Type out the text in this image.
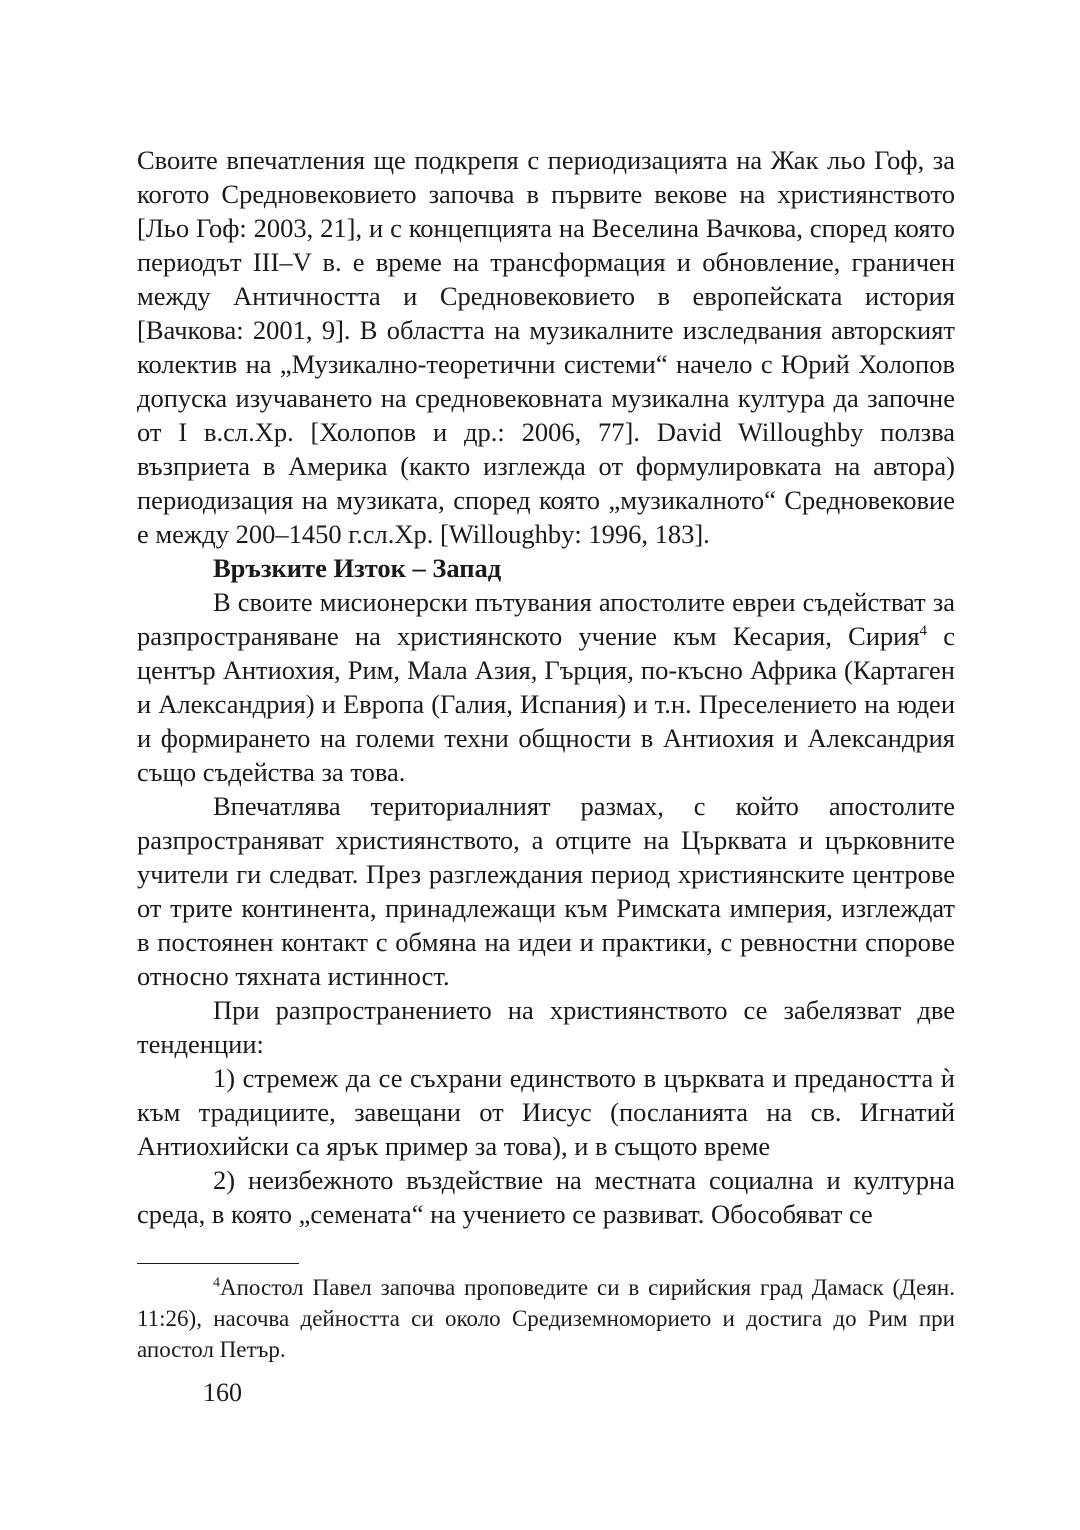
Своите впечатления ще подкрепя с периодизацията на Жак льо Гоф, за когото Средновековието започва в първите векове на християнството [Льо Гоф: 2003, 21], и с концепцията на Веселина Вачкова, според която периодът III–V в. е време на трансформация и обновление, граничен между Античността и Средновековието в европейската история [Вачкова: 2001, 9]. В областта на музикалните изследвания авторският колектив на „Музикално-теоретични системи“ начело с Юрий Холопов допуска изучаването на средновековната музикална култура да започне от I в.сл.Хр. [Холопов и др.: 2006, 77]. David Willoughby ползва възприета в Америка (както изглежда от формулировката на автора) периодизация на музиката, според която „музикалното“ Средновековие е между 200–1450 г.сл.Хр. [Willoughby: 1996, 183].

Връзките Изток – Запад

В своите мисионерски пътувания апостолите евреи съдействат за разпространяване на християнското учение към Кесария, Сирия$^4$ с център Антиохия, Рим, Мала Азия, Гърция, по-късно Африка (Картаген и Александрия) и Европа (Галия, Испания) и т.н. Преселението на юдеи и формирането на големи техни общности в Антиохия и Александрия също съдейства за това.

Впечатлява териториалният размах, с който апостолите разпространяват християнството, а отците на Църквата и църковните учители ги следват. През разглеждания период християнските центрове от трите континента, принадлежащи към Римската империя, изглеждат в постоянен контакт с обмяна на идеи и практики, с ревностни спорове относно тяхната истинност.

При разпространението на християнството се забелязват две тенденции:

1) стремеж да се съхрани единството в църквата и предаността ѝ към традициите, завещани от Иисус (посланията на св. Игнатий Антиохийски са ярък пример за това), и в същото време

2) неизбежното въздействие на местната социална и културна среда, в която „семената“ на учението се развиват. Обособяват се

$^4$Апостол Павел започва проповедите си в сирийския град Дамаск (Деян. 11:26), насочва дейността си около Средиземноморието и достига до Рим при апостол Петър.
160
